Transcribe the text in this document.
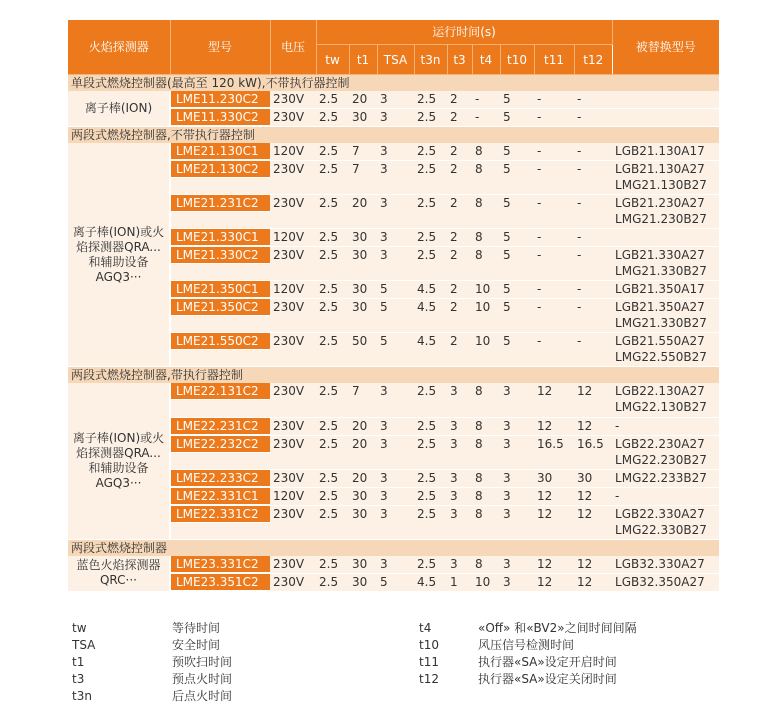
火焰探测器	型号	电压	运行时间(s)									被替换型号
			tw	t1	TSA	t3n	t3	t4	t10	t11	t12	
单段式燃烧控制器(最高至 120 kW),不带执行器控制												
离子棒(ION)	LME11.230C2	230V	2.5	20	3	2.5	2	-	5	-	-	

	LME11.330C2	230V	2.5	30	3	2.5	2	-	5	-	-	
两段式燃烧控制器,不带执行器控制												
离子棒(ION)或火焰探测器QRA...和辅助设备AGQ3···	LME21.130C1	120V	2.5	7	3	2.5	2	8	5	-	-	LGB21.130A17

	LME21.130C2	230V	2.5	7	3	2.5	2	8	5	-	-	LGB21.130A27
LMG21.130B27

	LME21.231C2	230V	2.5	20	3	2.5	2	8	5	-	-	LGB21.230A27
LMG21.230B27

	LME21.330C1	120V	2.5	30	3	2.5	2	8	5	-	-	

	LME21.330C2	230V	2.5	30	3	2.5	2	8	5	-	-	LGB21.330A27
LMG21.330B27

	LME21.350C1	120V	2.5	30	5	4.5	2	10	5	-	-	LGB21.350A17

	LME21.350C2	230V	2.5	30	5	4.5	2	10	5	-	-	LGB21.350A27
LMG21.330B27

	LME21.550C2	230V	2.5	50	5	4.5	2	10	5	-	-	LGB21.550A27
LMG22.550B27

两段式燃烧控制器,带执行器控制												
离子棒(ION)或火焰探测器QRA...和辅助设备AGQ3···	LME22.131C2	230V	2.5	7	3	2.5	3	8	3	12	12	LGB22.130A27
LMG22.130B27

	LME22.231C2	230V	2.5	20	3	2.5	3	8	3	12	12	-

	LME22.232C2	230V	2.5	20	3	2.5	3	8	3	16.5	16.5	LGB22.230A27
LMG22.230B27

	LME22.233C2	230V	2.5	20	3	2.5	3	8	3	30	30	LMG22.233B27

	LME22.331C1	120V	2.5	30	3	2.5	3	8	3	12	12	-

	LME22.331C2	230V	2.5	30	3	2.5	3	8	3	12	12	LGB22.330A27
LMG22.330B27

两段式燃烧控制器												
蓝色火焰探测器QRC···	LME23.331C2	230V	2.5	30	3	2.5	3	8	3	12	12	LGB32.330A27

	LME23.351C2	230V	2.5	30	5	4.5	1	10	3	12	12	LGB32.350A27
tw	等待时间
TSA	安全时间
t1	预吹扫时间
t3	预点火时间
t3n	后点火时间
t4	«Off» 和«BV2»之间时间间隔
t10	风压信号检测时间
t11	执行器«SA»设定开启时间
t12	执行器«SA»设定关闭时间
